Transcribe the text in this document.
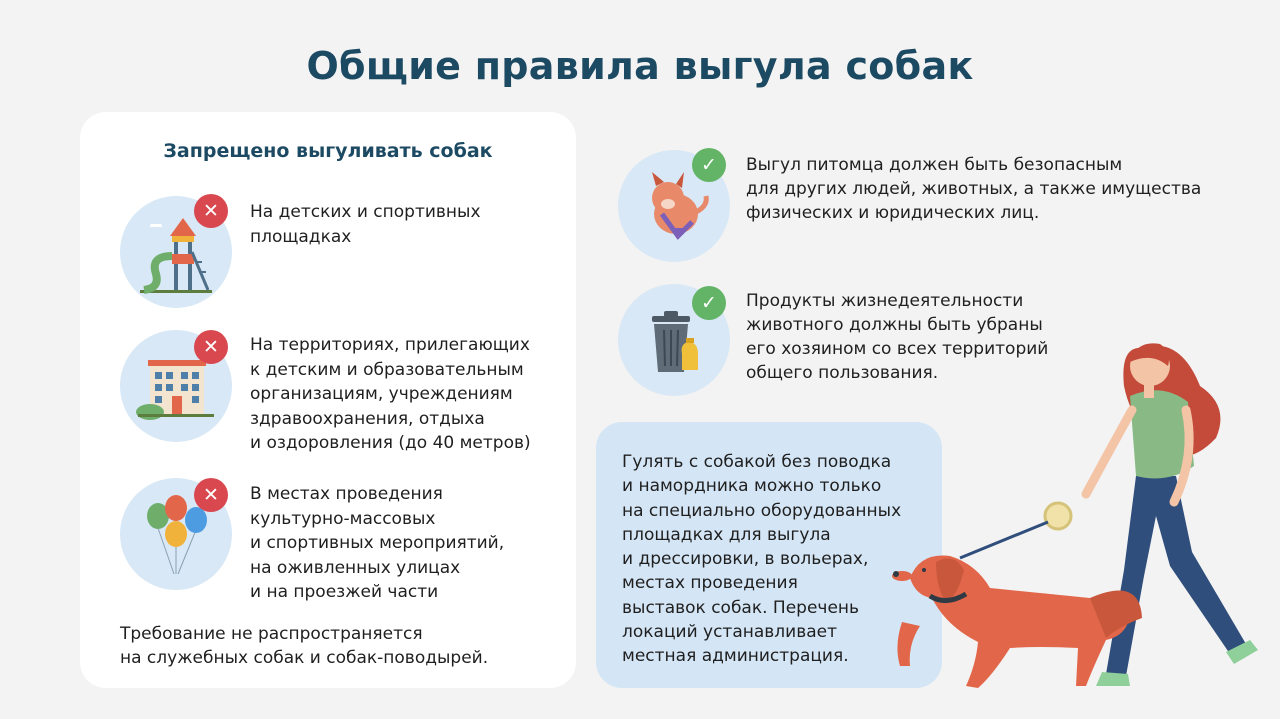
Общие правила выгула собак
Запрещено выгуливать собак
✕ На детских и спортивных
площадках
✕ На территориях, прилегающих
к детским и образовательным
организациям, учреждениям
здравоохранения, отдыха
и оздоровления (до 40 метров)
✕ В местах проведения
культурно-массовых
и спортивных мероприятий,
на оживленных улицах
и на проезжей части
Требование не распространяется
на служебных собак и собак-поводырей.
✓ Выгул питомца должен быть безопасным
для других людей, животных, а также имущества
физических и юридических лиц.
✓ Продукты жизнедеятельности
животного должны быть убраны
его хозяином со всех территорий
общего пользования.
Гулять с собакой без поводка
и намордника можно только
на специально оборудованных
площадках для выгула
и дрессировки, в вольерах,
местах проведения
выставок собак. Перечень
локаций устанавливает
местная администрация.
